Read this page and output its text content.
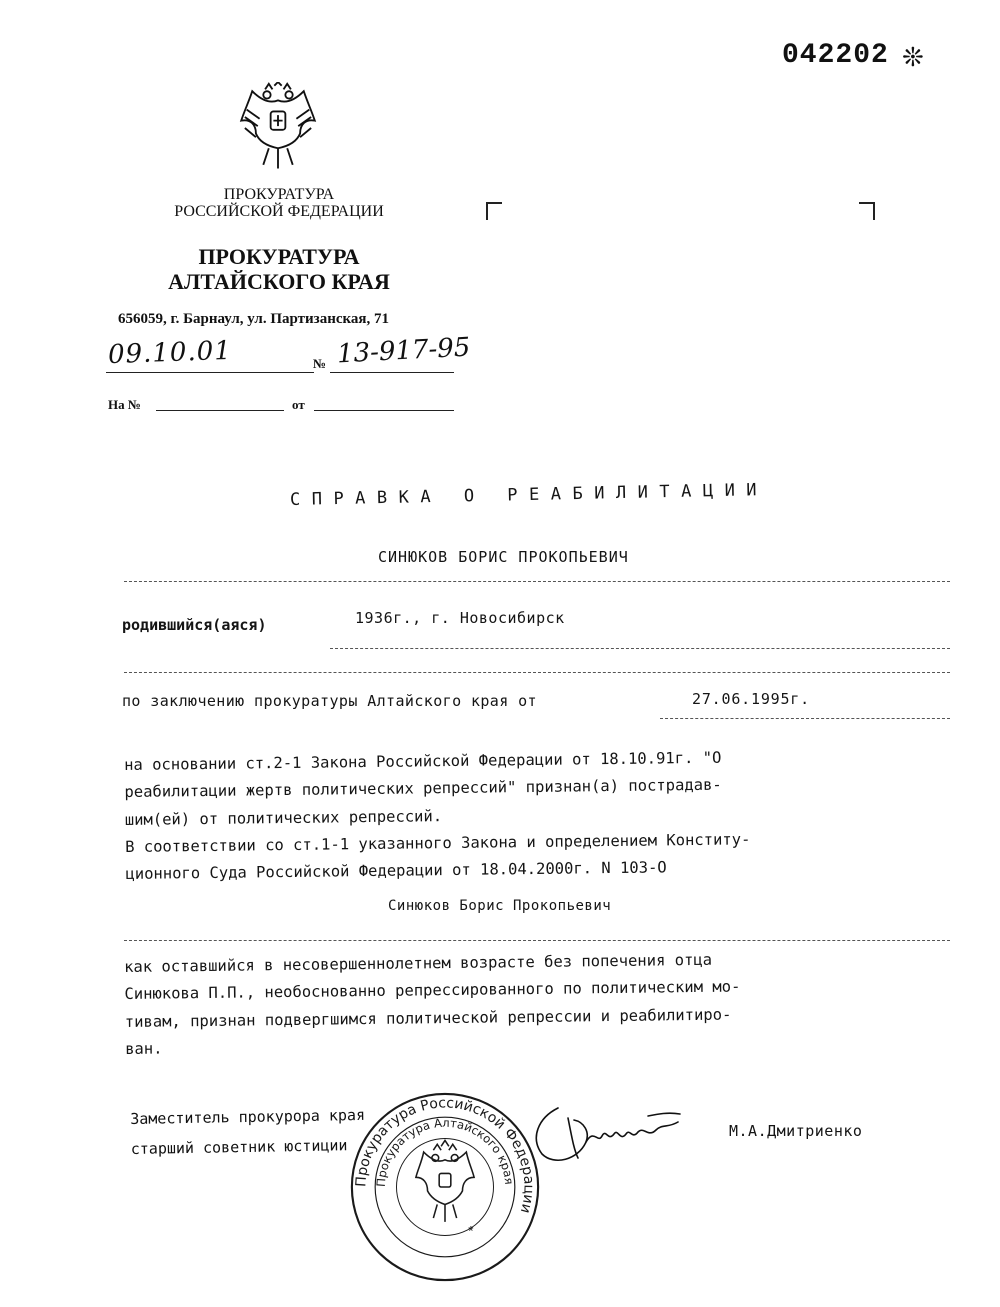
042202 ❊
ПРОКУРАТУРА
РОССИЙСКОЙ ФЕДЕРАЦИИ
ПРОКУРАТУРА
АЛТАЙСКОГО КРАЯ
656059, г. Барнаул, ул. Партизанская, 71
09.10.01	№ 13-917-95
На №	от
СПРАВКА О РЕАБИЛИТАЦИИ
СИНЮКОВ БОРИС ПРОКОПЬЕВИЧ
родившийся(аяся)	1936г., г. Новосибирск
по заключению прокуратуры Алтайского края от	27.06.1995г.
на основании ст.2-1 Закона Российской Федерации от 18.10.91г. "О
реабилитации жертв политических репрессий" признан(а) пострадав-
шим(ей) от политических репрессий.
В соответствии со ст.1-1 указанного Закона и определением Конститу-
ционного Суда Российской Федерации от 18.04.2000г. N 103-О
Синюков Борис Прокопьевич
как оставшийся в несовершеннолетнем возрасте без попечения отца
Синюкова П.П., необоснованно репрессированного по политическим мо-
тивам, признан подвергшимся политической репрессии и реабилитиро-
ван.
Заместитель прокурора края
старший советник юстиции
М.А.Дмитриенко
Прокуратура Российской Федерации
Прокуратура Алтайского края
*
